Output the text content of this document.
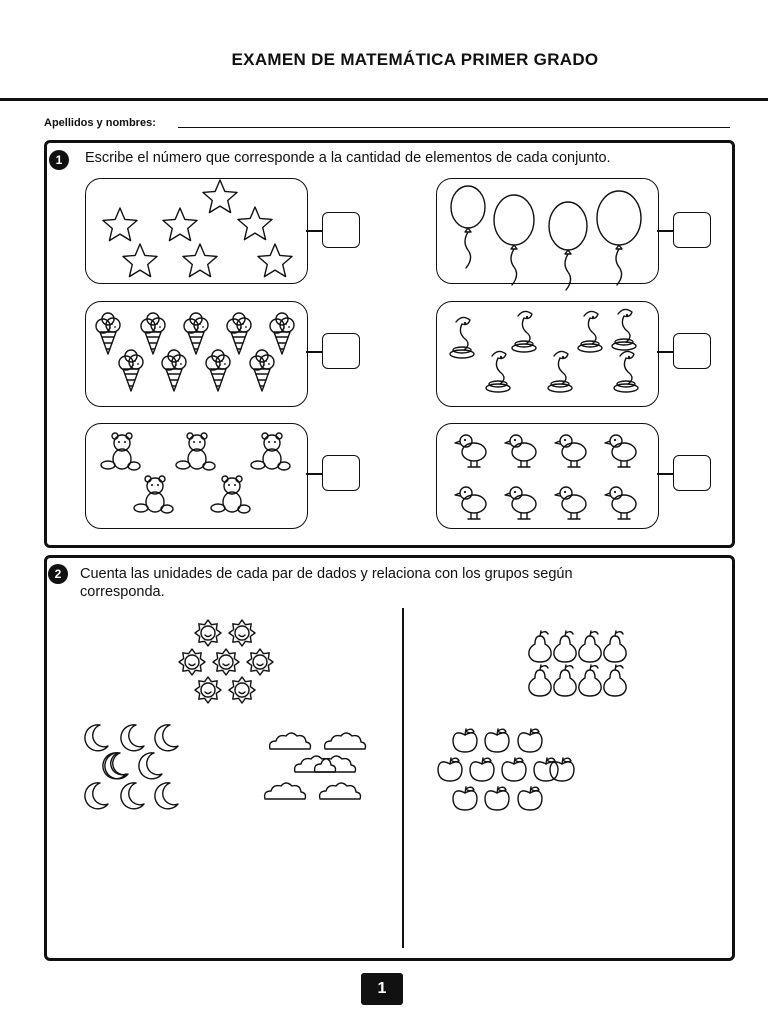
EXAMEN DE MATEMÁTICA PRIMER GRADO
Apellidos y nombres:
1	Escribe el número que corresponde a la cantidad de elementos de cada conjunto.
2	Cuenta las unidades de cada par de dados y relaciona con los grupos según
corresponda.
1
